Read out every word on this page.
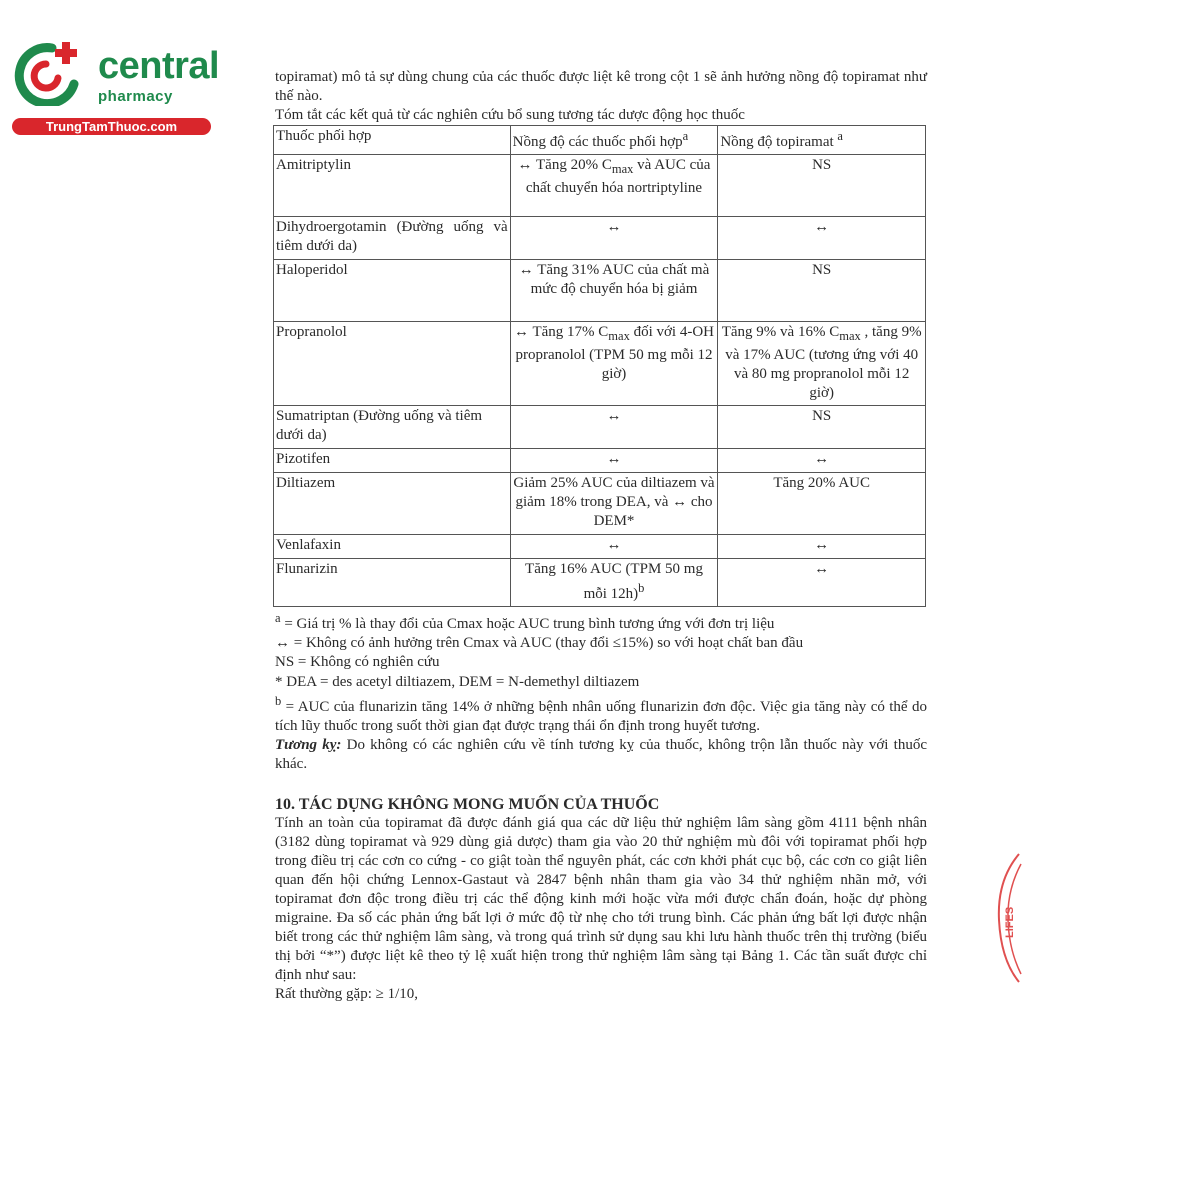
central
pharmacy
TrungTamThuoc.com

topiramat) mô tả sự dùng chung của các thuốc được liệt kê trong cột 1 sẽ ảnh hưởng nồng độ topiramat như thế nào.

Tóm tắt các kết quả từ các nghiên cứu bổ sung tương tác dược động học thuốc

Thuốc phối hợp	Nồng độ các thuốc phối hợp$^a$	Nồng độ topiramat $^a$
Amitriptylin	↔ Tăng 20% $C_{max}$ và AUC của chất chuyển hóa nortriptyline	NS
Dihydroergotamin (Đường uống và tiêm dưới da)	↔	↔
Haloperidol	↔ Tăng 31% AUC của chất mà mức độ chuyển hóa bị giảm	NS
Propranolol	↔ Tăng 17% $C_{max}$ đối với 4-OH propranolol (TPM 50 mg mỗi 12 giờ)	Tăng 9% và 16% $C_{max}$ , tăng 9% và 17% AUC (tương ứng với 40 và 80 mg propranolol mỗi 12 giờ)
Sumatriptan (Đường uống và tiêm dưới da)	↔	NS
Pizotifen	↔	↔
Diltiazem	Giảm 25% AUC của diltiazem và giảm 18% trong DEA, và ↔ cho DEM*	Tăng 20% AUC
Venlafaxin	↔	↔
Flunarizin	Tăng 16% AUC (TPM 50 mg mỗi 12h)$^b$	↔

$^a$ = Giá trị % là thay đổi của Cmax hoặc AUC trung bình tương ứng với đơn trị liệu

↔ = Không có ảnh hưởng trên Cmax và AUC (thay đổi ≤15%) so với hoạt chất ban đầu

NS = Không có nghiên cứu

* DEA = des acetyl diltiazem, DEM = N-demethyl diltiazem

$^b$ = AUC của flunarizin tăng 14% ở những bệnh nhân uống flunarizin đơn độc. Việc gia tăng này có thể do tích lũy thuốc trong suốt thời gian đạt được trạng thái ổn định trong huyết tương.

Tương kỵ: Do không có các nghiên cứu về tính tương kỵ của thuốc, không trộn lẫn thuốc này với thuốc khác.

10. TÁC DỤNG KHÔNG MONG MUỐN CỦA THUỐC

Tính an toàn của topiramat đã được đánh giá qua các dữ liệu thử nghiệm lâm sàng gồm 4111 bệnh nhân (3182 dùng topiramat và 929 dùng giả dược) tham gia vào 20 thử nghiệm mù đôi với topiramat phối hợp trong điều trị các cơn co cứng - co giật toàn thể nguyên phát, các cơn khởi phát cục bộ, các cơn co giật liên quan đến hội chứng Lennox-Gastaut và 2847 bệnh nhân tham gia vào 34 thử nghiệm nhãn mở, với topiramat đơn độc trong điều trị các thể động kinh mới hoặc vừa mới được chẩn đoán, hoặc dự phòng migraine. Đa số các phản ứng bất lợi ở mức độ từ nhẹ cho tới trung bình. Các phản ứng bất lợi được nhận biết trong các thử nghiệm lâm sàng, và trong quá trình sử dụng sau khi lưu hành thuốc trên thị trường (biểu thị bởi “*”) được liệt kê theo tỷ lệ xuất hiện trong thử nghiệm lâm sàng tại Bảng 1. Các tần suất được chỉ định như sau:

Rất thường gặp: ≥ 1/10,

LIFES
